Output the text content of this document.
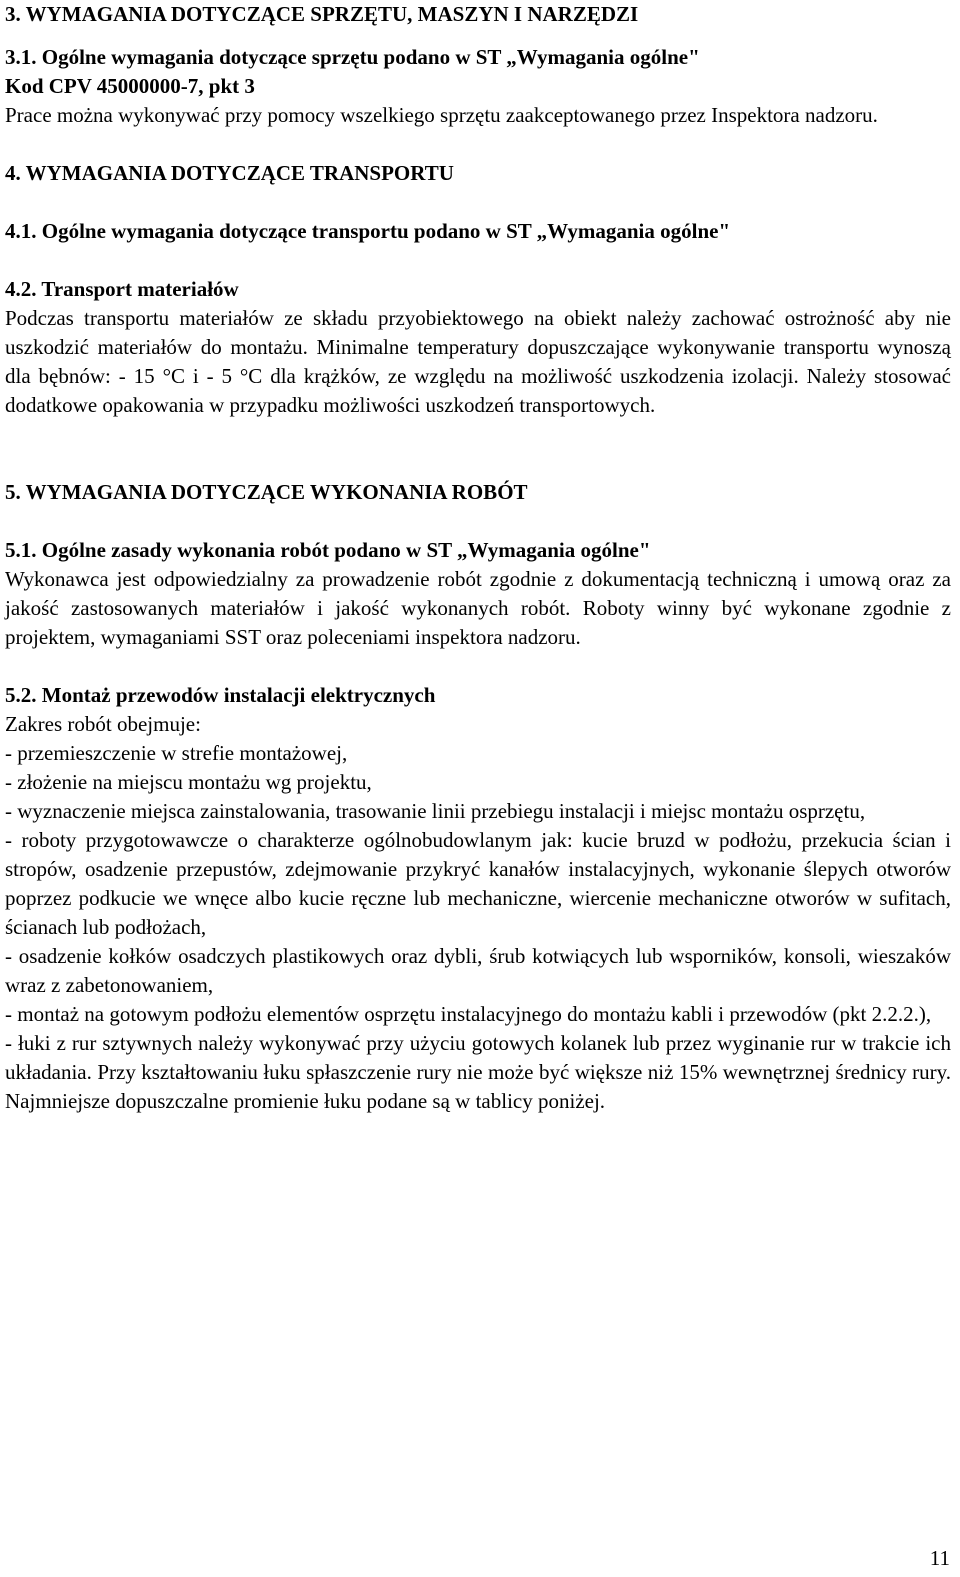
3. WYMAGANIA DOTYCZĄCE SPRZĘTU, MASZYN I NARZĘDZI

3.1. Ogólne wymagania dotyczące sprzętu podano w ST „Wymagania ogólne"

Kod CPV 45000000-7, pkt 3

Prace można wykonywać przy pomocy wszelkiego sprzętu zaakceptowanego przez Inspektora nadzoru.

4. WYMAGANIA DOTYCZĄCE TRANSPORTU

4.1. Ogólne wymagania dotyczące transportu podano w ST „Wymagania ogólne"

4.2. Transport materiałów

Podczas transportu materiałów ze składu przyobiektowego na obiekt należy zachować ostrożność aby nie uszkodzić materiałów do montażu. Minimalne temperatury dopuszczające wykonywanie transportu wynoszą dla bębnów: - 15 °C i - 5 °C dla krążków, ze względu na możliwość uszkodzenia izolacji. Należy stosować dodatkowe opakowania w przypadku możliwości uszkodzeń transportowych.

5. WYMAGANIA DOTYCZĄCE WYKONANIA ROBÓT

5.1. Ogólne zasady wykonania robót podano w ST „Wymagania ogólne"

Wykonawca jest odpowiedzialny za prowadzenie robót zgodnie z dokumentacją techniczną i umową oraz za jakość zastosowanych materiałów i jakość wykonanych robót. Roboty winny być wykonane zgodnie z projektem, wymaganiami SST oraz poleceniami inspektora nadzoru.

5.2. Montaż przewodów instalacji elektrycznych

Zakres robót obejmuje:

- przemieszczenie w strefie montażowej,

- złożenie na miejscu montażu wg projektu,

- wyznaczenie miejsca zainstalowania, trasowanie linii przebiegu instalacji i miejsc montażu osprzętu,

- roboty przygotowawcze o charakterze ogólnobudowlanym jak: kucie bruzd w podłożu, przekucia ścian i stropów, osadzenie przepustów, zdejmowanie przykryć kanałów instalacyjnych, wykonanie ślepych otworów poprzez podkucie we wnęce albo kucie ręczne lub mechaniczne, wiercenie mechaniczne otworów w sufitach, ścianach lub podłożach,

- osadzenie kołków osadczych plastikowych oraz dybli, śrub kotwiących lub wsporników, konsoli, wieszaków wraz z zabetonowaniem,

- montaż na gotowym podłożu elementów osprzętu instalacyjnego do montażu kabli i przewodów (pkt 2.2.2.),

- łuki z rur sztywnych należy wykonywać przy użyciu gotowych kolanek lub przez wyginanie rur w trakcie ich układania. Przy kształtowaniu łuku spłaszczenie rury nie może być większe niż 15% wewnętrznej średnicy rury. Najmniejsze dopuszczalne promienie łuku podane są w tablicy poniżej.

11
